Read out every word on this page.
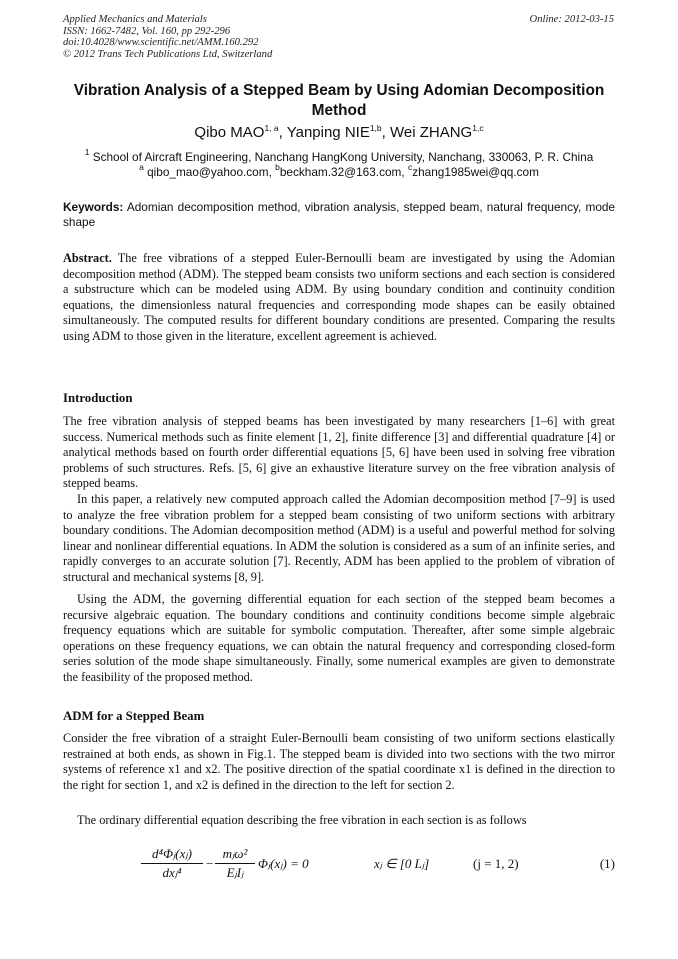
Applied Mechanics and Materials
ISSN: 1662-7482, Vol. 160, pp 292-296
doi:10.4028/www.scientific.net/AMM.160.292
© 2012 Trans Tech Publications Ltd, Switzerland
Online: 2012-03-15
Vibration Analysis of a Stepped Beam by Using Adomian Decomposition Method
Qibo MAO$^{1, a}$, Yanping NIE$^{1,b}$, Wei ZHANG$^{1,c}$
$^1$ School of Aircraft Engineering, Nanchang HangKong University, Nanchang, 330063, P. R. China
$^a$ qibo_mao@yahoo.com, $^b$beckham.32@163.com, $^c$zhang1985wei@qq.com
Keywords: Adomian decomposition method, vibration analysis, stepped beam, natural frequency, mode shape
Abstract. The free vibrations of a stepped Euler-Bernoulli beam are investigated by using the Adomian decomposition method (ADM). The stepped beam consists two uniform sections and each section is considered a substructure which can be modeled using ADM. By using boundary condition and continuity condition equations, the dimensionless natural frequencies and corresponding mode shapes can be easily obtained simultaneously. The computed results for different boundary conditions are presented. Comparing the results using ADM to those given in the literature, excellent agreement is achieved.
Introduction
The free vibration analysis of stepped beams has been investigated by many researchers [1–6] with great success. Numerical methods such as finite element [1, 2], finite difference [3] and differential quadrature [4] or analytical methods based on fourth order differential equations [5, 6] have been used in solving free vibration problems of such structures. Refs. [5, 6] give an exhaustive literature survey on the free vibration analysis of stepped beams.
In this paper, a relatively new computed approach called the Adomian decomposition method [7–9] is used to analyze the free vibration problem for a stepped beam consisting of two uniform sections with arbitrary boundary conditions. The Adomian decomposition method (ADM) is a useful and powerful method for solving linear and nonlinear differential equations. In ADM the solution is considered as a sum of an infinite series, and rapidly converges to an accurate solution [7]. Recently, ADM has been applied to the problem of vibration of structural and mechanical systems [8, 9].
Using the ADM, the governing differential equation for each section of the stepped beam becomes a recursive algebraic equation. The boundary conditions and continuity conditions become simple algebraic frequency equations which are suitable for symbolic computation. Thereafter, after some simple algebraic operations on these frequency equations, we can obtain the natural frequency and corresponding closed-form series solution of the mode shape simultaneously. Finally, some numerical examples are given to demonstrate the feasibility of the proposed method.
ADM for a Stepped Beam
Consider the free vibration of a straight Euler-Bernoulli beam consisting of two uniform sections elastically restrained at both ends, as shown in Fig.1. The stepped beam is divided into two sections with the two mirror systems of reference x1 and x2. The positive direction of the spatial coordinate x1 is defined in the direction to the right for section 1, and x2 is defined in the direction to the left for section 2.
The ordinary differential equation describing the free vibration in each section is as follows
d⁴Φⱼ(xⱼ)
dxⱼ⁴
−
mⱼω²
EⱼIⱼ
Φⱼ(xⱼ) = 0	xⱼ ∈ [0 Lⱼ]	(j = 1, 2)	(1)
